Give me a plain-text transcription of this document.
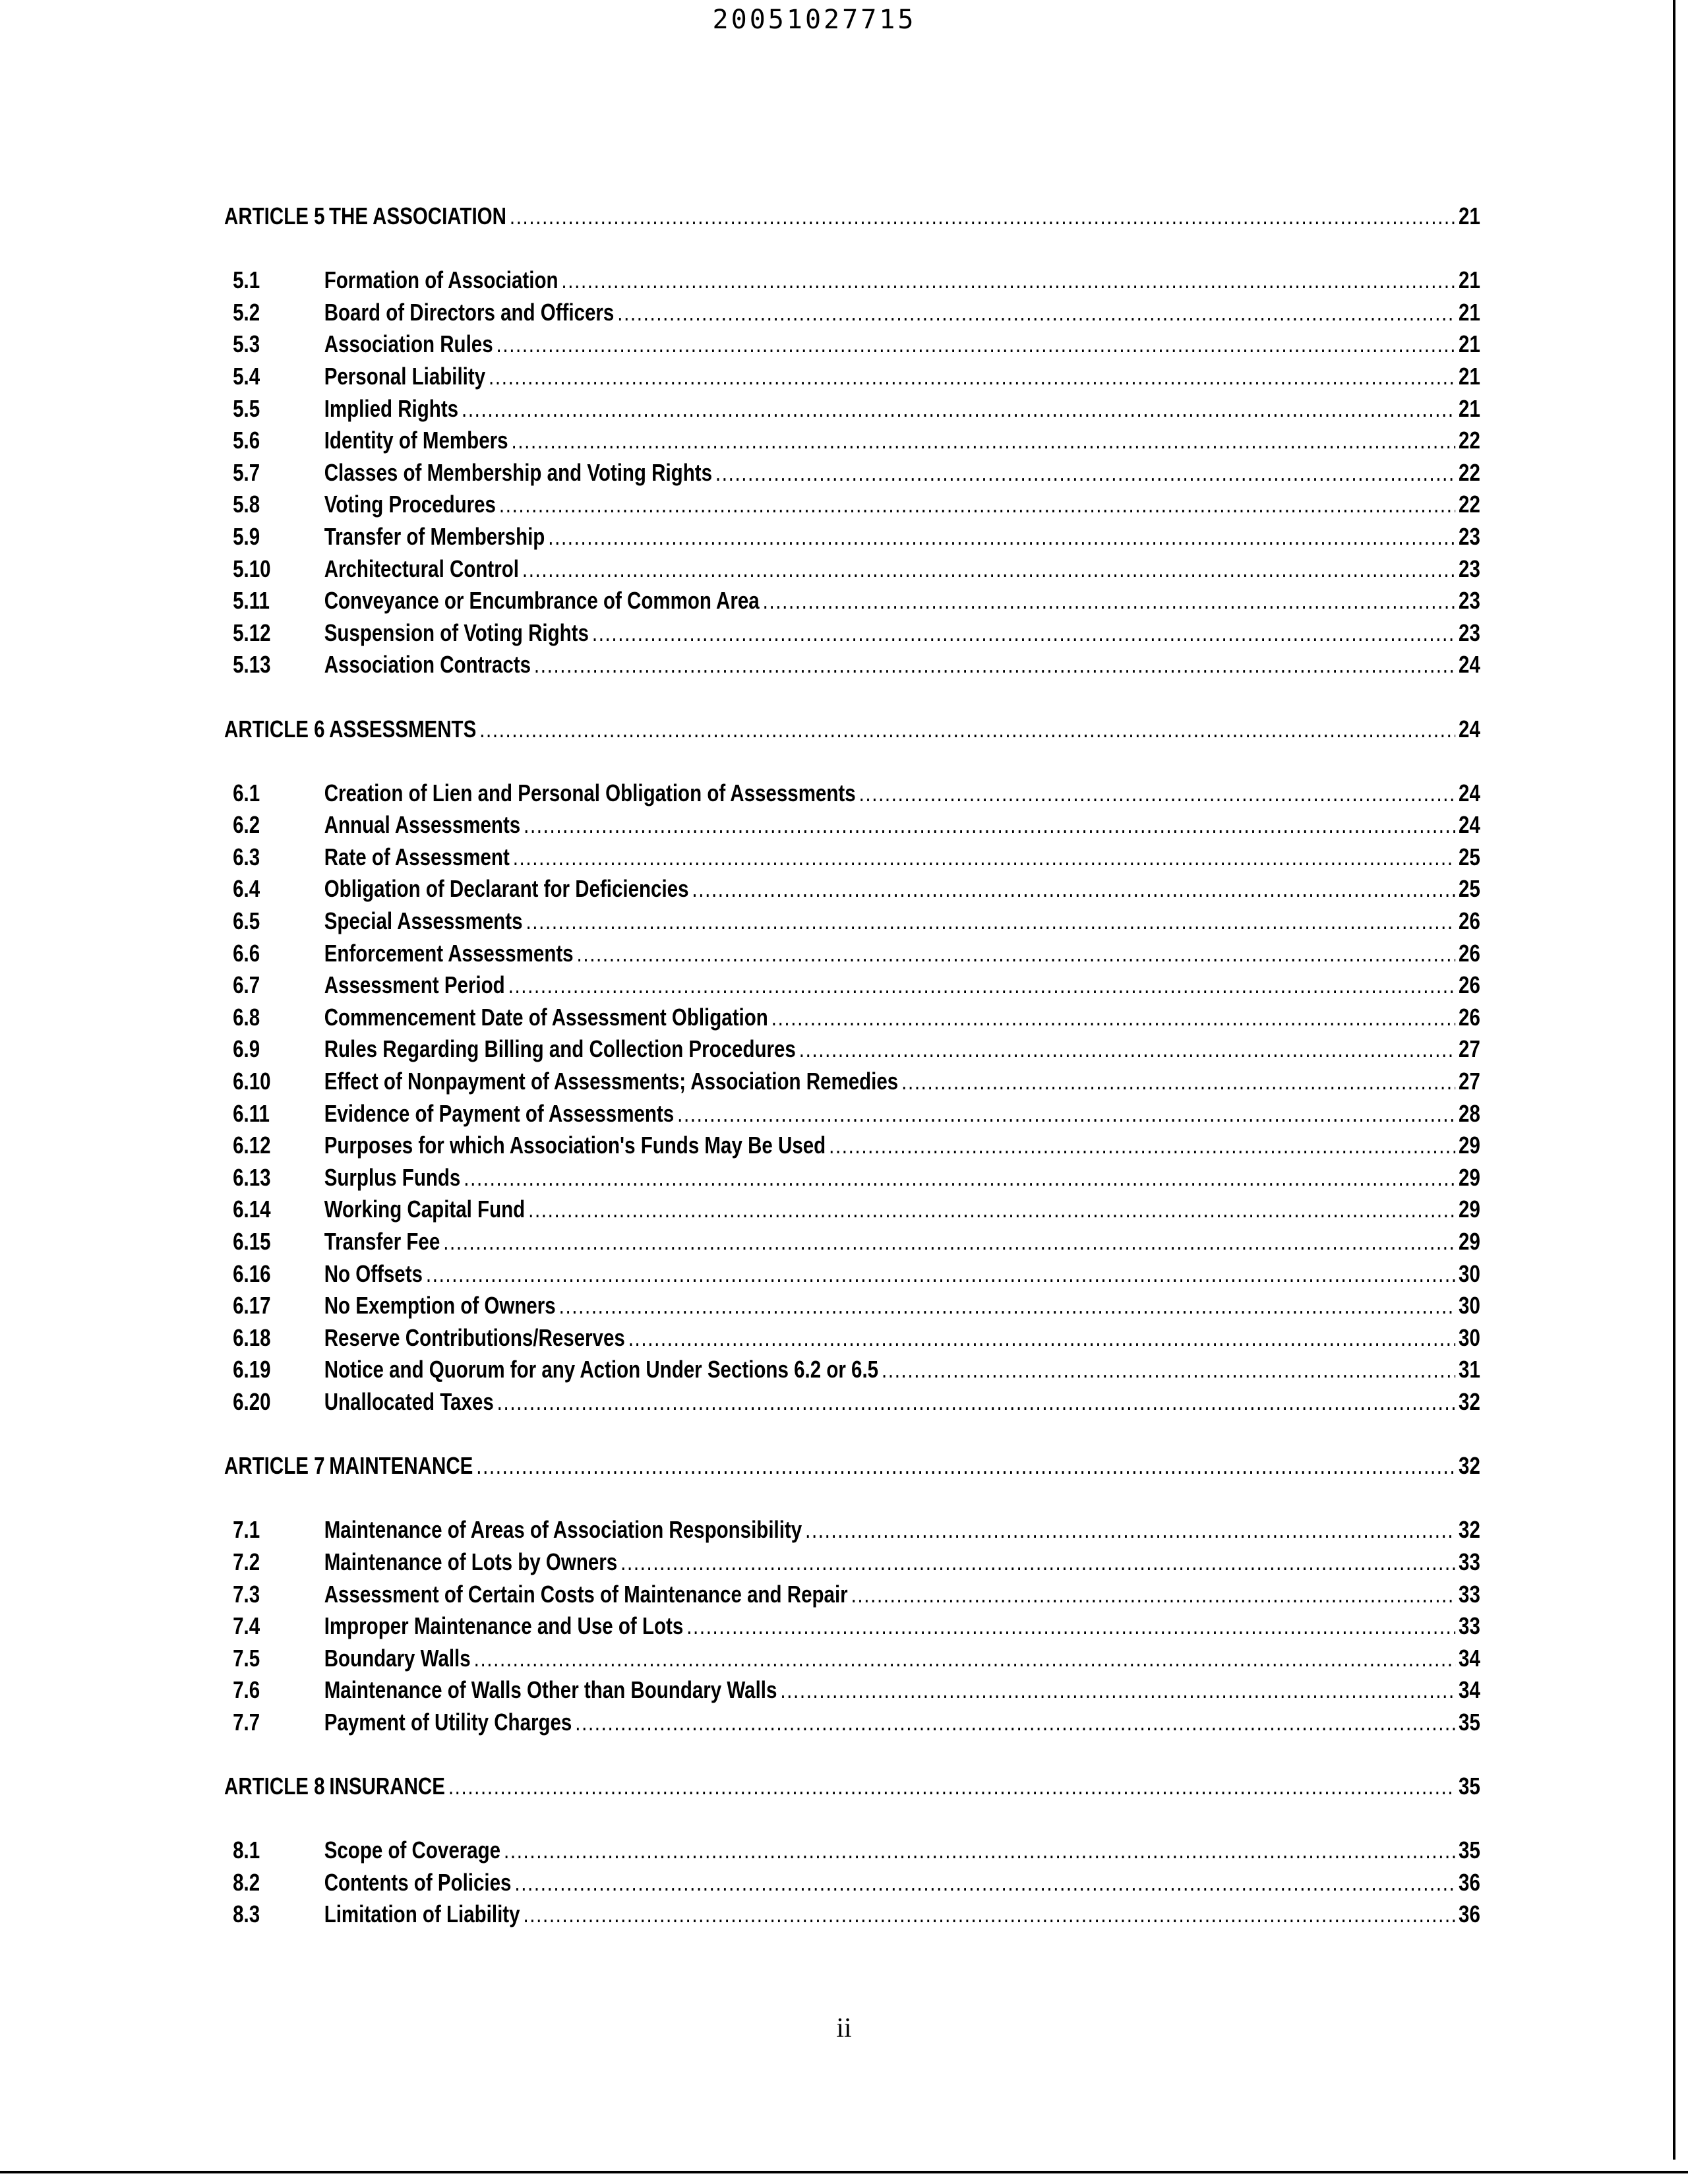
20051027715
ARTICLE 5 THE ASSOCIATION .....	21
5.1	Formation of Association .....	21
5.2	Board of Directors and Officers .....	21
5.3	Association Rules .....	21
5.4	Personal Liability .....	21
5.5	Implied Rights .....	21
5.6	Identity of Members .....	22
5.7	Classes of Membership and Voting Rights .....	22
5.8	Voting Procedures .....	22
5.9	Transfer of Membership .....	23
5.10	Architectural Control .....	23
5.11	Conveyance or Encumbrance of Common Area .....	23
5.12	Suspension of Voting Rights .....	23
5.13	Association Contracts .....	24
ARTICLE 6 ASSESSMENTS .....	24
6.1	Creation of Lien and Personal Obligation of Assessments .....	24
6.2	Annual Assessments .....	24
6.3	Rate of Assessment .....	25
6.4	Obligation of Declarant for Deficiencies .....	25
6.5	Special Assessments .....	26
6.6	Enforcement Assessments .....	26
6.7	Assessment Period .....	26
6.8	Commencement Date of Assessment Obligation .....	26
6.9	Rules Regarding Billing and Collection Procedures .....	27
6.10	Effect of Nonpayment of Assessments; Association Remedies .....	27
6.11	Evidence of Payment of Assessments .....	28
6.12	Purposes for which Association's Funds May Be Used .....	29
6.13	Surplus Funds .....	29
6.14	Working Capital Fund .....	29
6.15	Transfer Fee .....	29
6.16	No Offsets .....	30
6.17	No Exemption of Owners .....	30
6.18	Reserve Contributions/Reserves .....	30
6.19	Notice and Quorum for any Action Under Sections 6.2 or 6.5 .....	31
6.20	Unallocated Taxes .....	32
ARTICLE 7 MAINTENANCE .....	32
7.1	Maintenance of Areas of Association Responsibility .....	32
7.2	Maintenance of Lots by Owners .....	33
7.3	Assessment of Certain Costs of Maintenance and Repair .....	33
7.4	Improper Maintenance and Use of Lots .....	33
7.5	Boundary Walls .....	34
7.6	Maintenance of Walls Other than Boundary Walls .....	34
7.7	Payment of Utility Charges .....	35
ARTICLE 8 INSURANCE .....	35
8.1	Scope of Coverage .....	35
8.2	Contents of Policies .....	36
8.3	Limitation of Liability .....	36
ii
